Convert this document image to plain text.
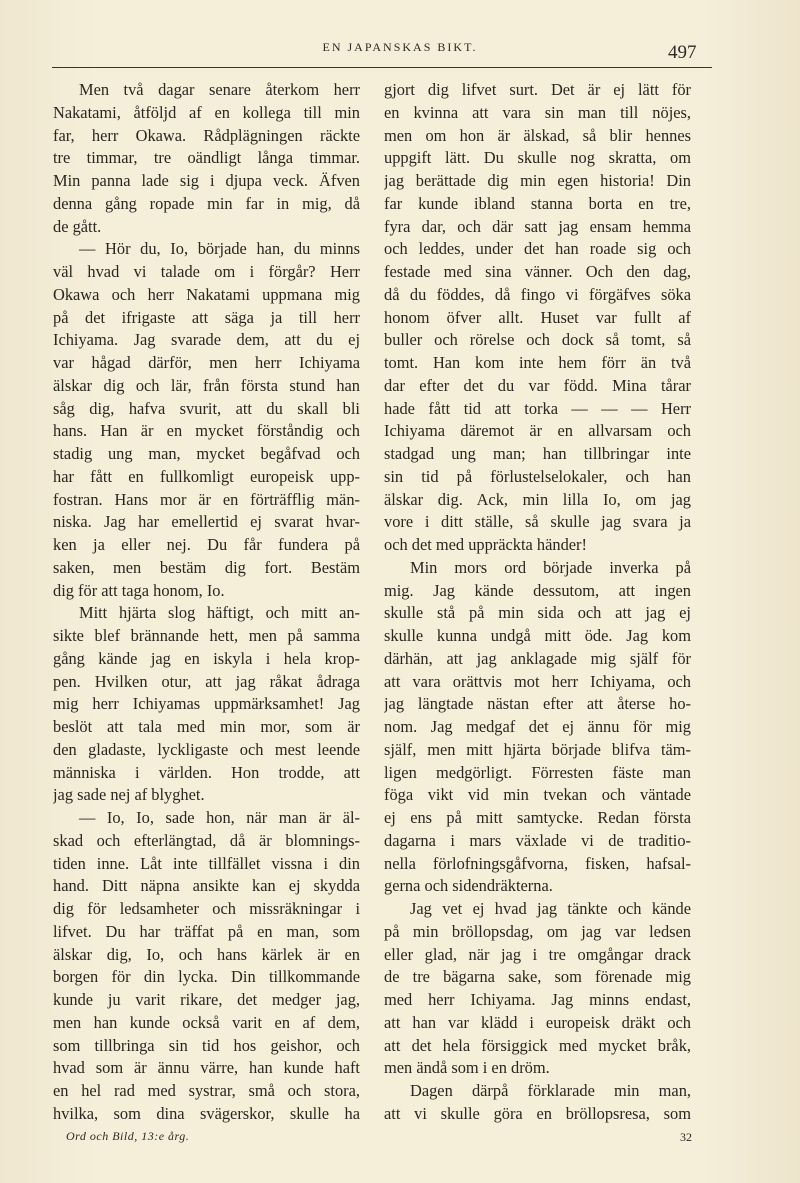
EN JAPANSKAS BIKT.	497
Men två dagar senare återkom herr
Nakatami, åtföljd af en kollega till min
far, herr Okawa. Rådplägningen räckte
tre timmar, tre oändligt långa timmar.
Min panna lade sig i djupa veck. Äfven
denna gång ropade min far in mig, då
de gått.
— Hör du, Io, började han, du minns
väl hvad vi talade om i förgår? Herr
Okawa och herr Nakatami uppmana mig
på det ifrigaste att säga ja till herr
Ichiyama. Jag svarade dem, att du ej
var hågad därför, men herr Ichiyama
älskar dig och lär, från första stund han
såg dig, hafva svurit, att du skall bli
hans. Han är en mycket förståndig och
stadig ung man, mycket begåfvad och
har fått en fullkomligt europeisk upp-
fostran. Hans mor är en förträfflig män-
niska. Jag har emellertid ej svarat hvar-
ken ja eller nej. Du får fundera på
saken, men bestäm dig fort. Bestäm
dig för att taga honom, Io.
Mitt hjärta slog häftigt, och mitt an-
sikte blef brännande hett, men på samma
gång kände jag en iskyla i hela krop-
pen. Hvilken otur, att jag råkat ådraga
mig herr Ichiyamas uppmärksamhet! Jag
beslöt att tala med min mor, som är
den gladaste, lyckligaste och mest leende
människa i världen. Hon trodde, att
jag sade nej af blyghet.
— Io, Io, sade hon, när man är äl-
skad och efterlängtad, då är blomnings-
tiden inne. Låt inte tillfället vissna i din
hand. Ditt näpna ansikte kan ej skydda
dig för ledsamheter och missräkningar i
lifvet. Du har träffat på en man, som
älskar dig, Io, och hans kärlek är en
borgen för din lycka. Din tillkommande
kunde ju varit rikare, det medger jag,
men han kunde också varit en af dem,
som tillbringa sin tid hos geishor, och
hvad som är ännu värre, han kunde haft
en hel rad med systrar, små och stora,
hvilka, som dina svägerskor, skulle ha
gjort dig lifvet surt. Det är ej lätt för
en kvinna att vara sin man till nöjes,
men om hon är älskad, så blir hennes
uppgift lätt. Du skulle nog skratta, om
jag berättade dig min egen historia! Din
far kunde ibland stanna borta en tre,
fyra dar, och där satt jag ensam hemma
och leddes, under det han roade sig och
festade med sina vänner. Och den dag,
då du föddes, då fingo vi förgäfves söka
honom öfver allt. Huset var fullt af
buller och rörelse och dock så tomt, så
tomt. Han kom inte hem förr än två
dar efter det du var född. Mina tårar
hade fått tid att torka — — — Herr
Ichiyama däremot är en allvarsam och
stadgad ung man; han tillbringar inte
sin tid på förlustelselokaler, och han
älskar dig. Ack, min lilla Io, om jag
vore i ditt ställe, så skulle jag svara ja
och det med uppräckta händer!
Min mors ord började inverka på
mig. Jag kände dessutom, att ingen
skulle stå på min sida och att jag ej
skulle kunna undgå mitt öde. Jag kom
därhän, att jag anklagade mig själf för
att vara orättvis mot herr Ichiyama, och
jag längtade nästan efter att återse ho-
nom. Jag medgaf det ej ännu för mig
själf, men mitt hjärta började blifva täm-
ligen medgörligt. Förresten fäste man
föga vikt vid min tvekan och väntade
ej ens på mitt samtycke. Redan första
dagarna i mars växlade vi de traditio-
nella förlofningsgåfvorna, fisken, hafsal-
gerna och sidendräkterna.
Jag vet ej hvad jag tänkte och kände
på min bröllopsdag, om jag var ledsen
eller glad, när jag i tre omgångar drack
de tre bägarna sake, som förenade mig
med herr Ichiyama. Jag minns endast,
att han var klädd i europeisk dräkt och
att det hela försiggick med mycket bråk,
men ändå som i en dröm.
Dagen därpå förklarade min man,
att vi skulle göra en bröllopsresa, som
Ord och Bild, 13:e årg.	32
